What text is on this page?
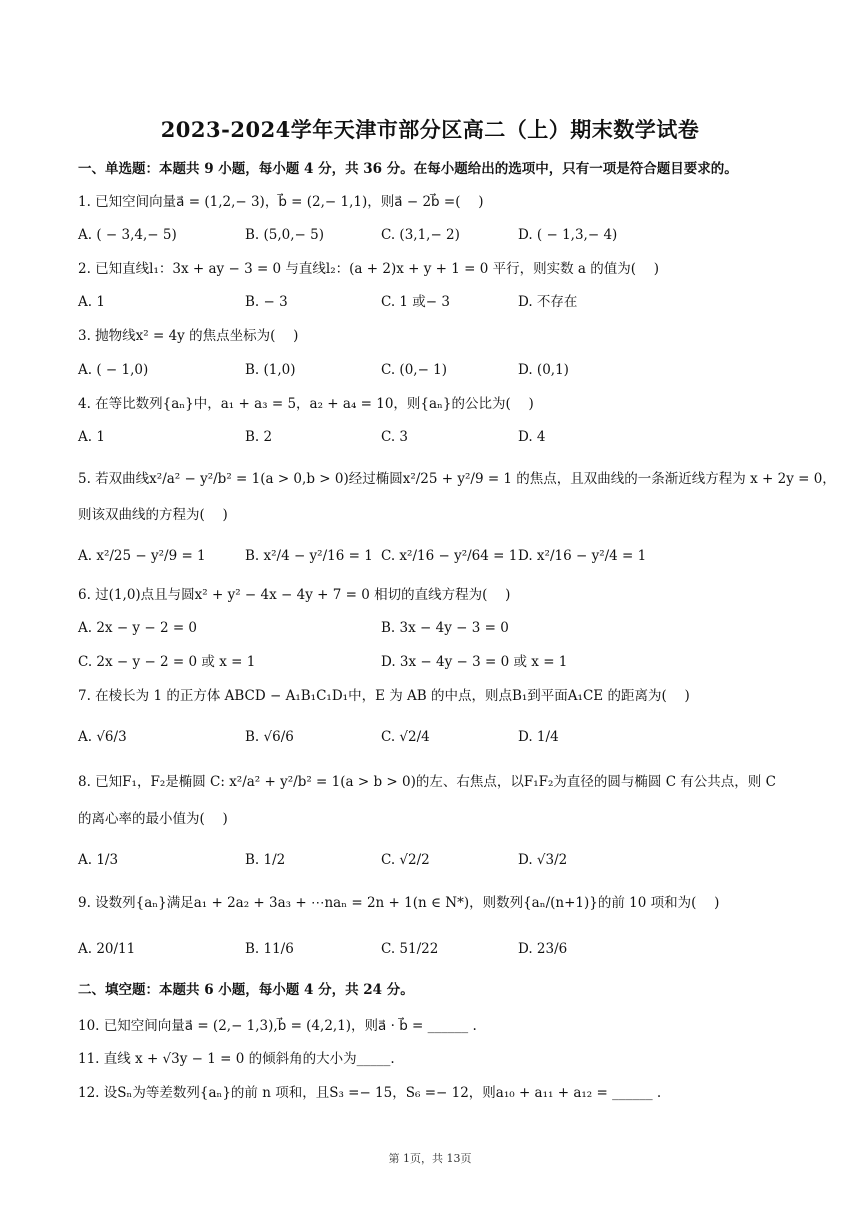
2023-2024学年天津市部分区高二（上）期末数学试卷
一、单选题：本题共 9 小题，每小题 4 分，共 36 分。在每小题给出的选项中，只有一项是符合题目要求的。
1. 已知空间向量a⃗ = (1,2,− 3)，b⃗ = (2,− 1,1)，则a⃗ − 2b⃗ =(　 )
A. ( − 3,4,− 5)	B. (5,0,− 5)	C. (3,1,− 2)	D. ( − 1,3,− 4)
2. 已知直线l₁：3x + ay − 3 = 0 与直线l₂：(a + 2)x + y + 1 = 0 平行，则实数 a 的值为(　 )
A. 1	B. − 3	C. 1 或− 3	D. 不存在
3. 抛物线x² = 4y 的焦点坐标为(　 )
A. ( − 1,0)	B. (1,0)	C. (0,− 1)	D. (0,1)
4. 在等比数列{aₙ}中，a₁ + a₃ = 5，a₂ + a₄ = 10，则{aₙ}的公比为(　 )
A. 1	B. 2	C. 3	D. 4
5. 若双曲线x²/a² − y²/b² = 1(a > 0,b > 0)经过椭圆x²/25 + y²/9 = 1 的焦点，且双曲线的一条渐近线方程为 x + 2y = 0，
则该双曲线的方程为(　 )
A. x²/25 − y²/9 = 1	B. x²/4 − y²/16 = 1 C. x²/16 − y²/64 = 1 D. x²/16 − y²/4 = 1
6. 过(1,0)点且与圆x² + y² − 4x − 4y + 7 = 0 相切的直线方程为(　 )
A. 2x − y − 2 = 0	B. 3x − 4y − 3 = 0
C. 2x − y − 2 = 0 或 x = 1	D. 3x − 4y − 3 = 0 或 x = 1
7. 在棱长为 1 的正方体 ABCD − A₁B₁C₁D₁中，E 为 AB 的中点，则点B₁到平面A₁CE 的距离为(　 )
A. √6/3	B. √6/6	C. √2/4	D. 1/4
8. 已知F₁，F₂是椭圆 C: x²/a² + y²/b² = 1(a > b > 0)的左、右焦点，以F₁F₂为直径的圆与椭圆 C 有公共点，则 C
的离心率的最小值为(　 )
A. 1/3	B. 1/2	C. √2/2	D. √3/2
9. 设数列{aₙ}满足a₁ + 2a₂ + 3a₃ + ⋯naₙ = 2n + 1(n ∈ N*)，则数列{aₙ/(n+1)}的前 10 项和为(　 )
A. 20/11	B. 11/6	C. 51/22	D. 23/6
二、填空题：本题共 6 小题，每小题 4 分，共 24 分。
10. 已知空间向量a⃗ = (2,− 1,3),b⃗ = (4,2,1)，则a⃗ · b⃗ = ______ .
11. 直线 x + √3y − 1 = 0 的倾斜角的大小为_____.
12. 设Sₙ为等差数列{aₙ}的前 n 项和，且S₃ =− 15，S₆ =− 12，则a₁₀ + a₁₁ + a₁₂ = ______ .
第 1页，共 13页
